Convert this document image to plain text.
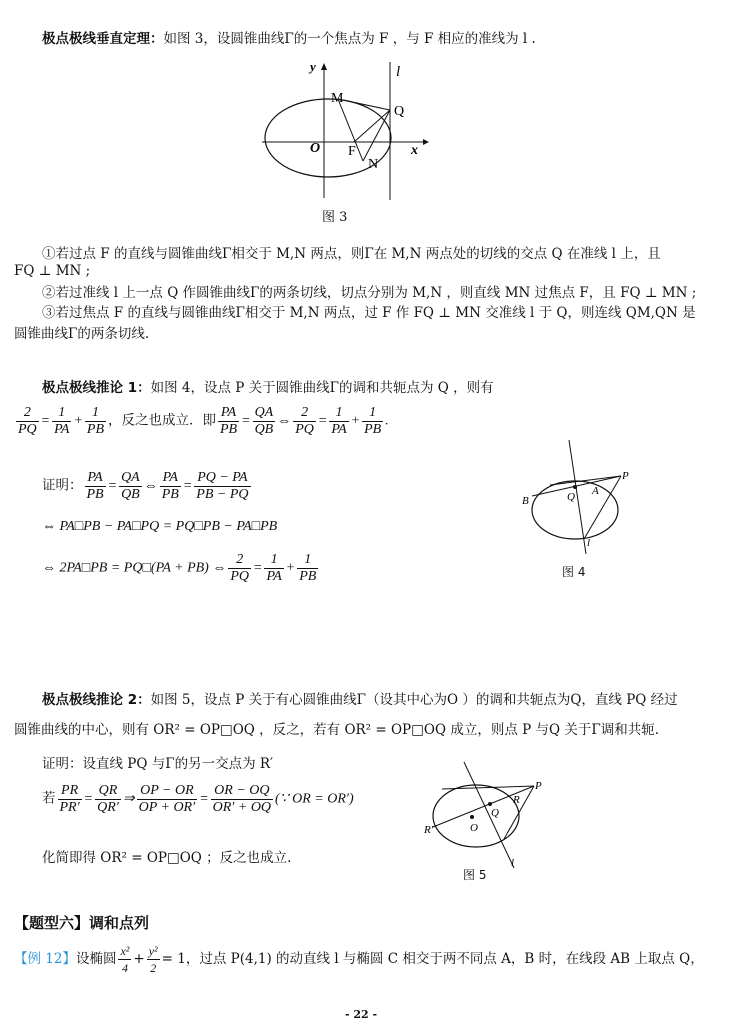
极点极线垂直定理：如图 3，设圆锥曲线Γ的一个焦点为 F ，与 F 相应的准线为 l .
y	l
M
Q
O F
N
x
图 3
①若过点 F 的直线与圆锥曲线Γ相交于 M,N 两点，则Γ在 M,N 两点处的切线的交点 Q 在准线 l 上，且
FQ ⊥ MN ;
②若过准线 l 上一点 Q 作圆锥曲线Γ的两条切线，切点分别为 M,N ，则直线 MN 过焦点 F，且 FQ ⊥ MN ;
③若过焦点 F 的直线与圆锥曲线Γ相交于 M,N 两点，过 F 作 FQ ⊥ MN 交准线 l 于 Q，则连线 QM,QN 是
圆锥曲线Γ的两条切线.
极点极线推论 1：如图 4，设点 P 关于圆锥曲线Γ的调和共轭点为 Q ，则有
$\frac{2}{PQ} = \frac{1}{PA} + \frac{1}{PB}$ ，反之也成立．即 $\frac{PA}{PB} = \frac{QA}{QB}$ ⇔ $\frac{2}{PQ} = \frac{1}{PA} + \frac{1}{PB}$ .
证明： $\frac{PA}{PB} = \frac{QA}{QB}$ ⇔ $\frac{PA}{PB} = \frac{PQ - PA}{PB - PQ}$
⇔ PA□PB − PA□PQ = PQ□PB − PA□PB
⇔ 2PA□PB = PQ□(PA + PB) ⇔ $\frac{2}{PQ} = \frac{1}{PA} + \frac{1}{PB}$
P
A
Q
B
l
图 4
极点极线推论 2：如图 5，设点 P 关于有心圆锥曲线Γ（设其中心为O ）的调和共轭点为Q，直线 PQ 经过
圆锥曲线的中心，则有 OR² = OP□OQ ，反之，若有 OR² = OP□OQ 成立，则点 P 与Q 关于Γ调和共轭.
证明：设直线 PQ 与Γ的另一交点为 R′
若 $\frac{PR}{PR'} = \frac{QR}{QR'}$ ⇒ $\frac{OP - OR}{OP + OR'} = \frac{OR - OQ}{OR' + OQ}$ (∵ OR = OR′)
化简即得 OR² = OP□OQ ；反之也成立.
P
R
O
Q
R′
l
图 5
【题型六】调和点列
【例 12】设椭圆 $\frac{\text{x²}}{4} + \frac{\text{y²}}{2} = 1$，过点 P(4,1) 的动直线 l 与椭圆 C 相交于两不同点 A，B 时，在线段 AB 上取点 Q，
- 22 -
